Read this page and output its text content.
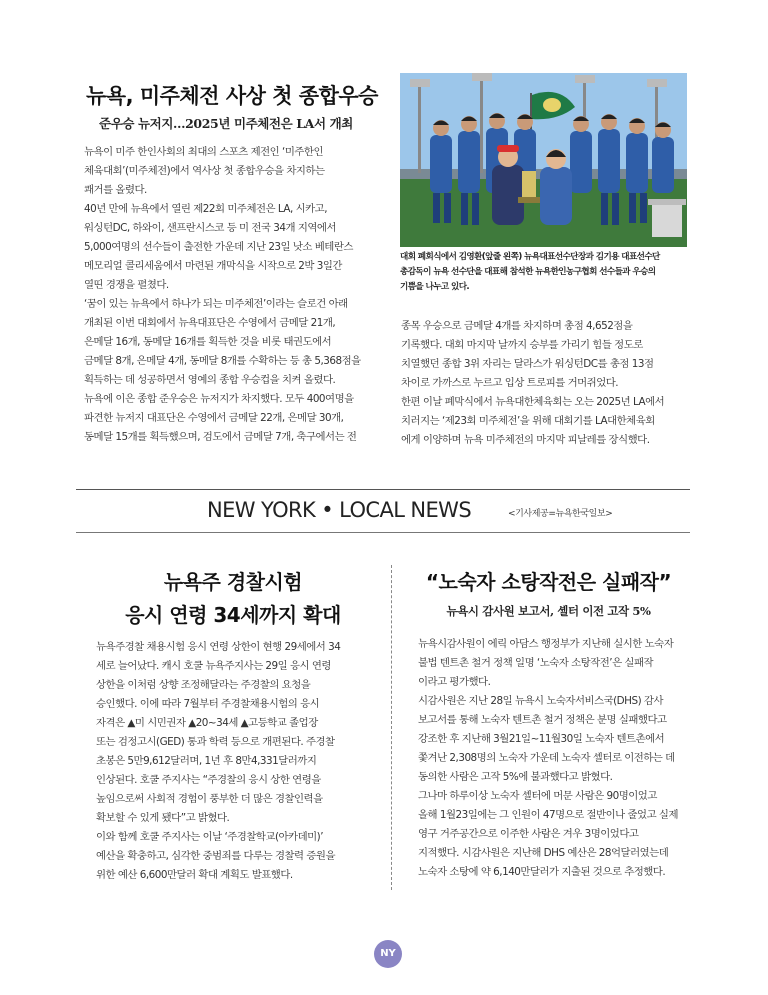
뉴욕, 미주체전 사상 첫 종합우승
준우승 뉴저지…2025년 미주체전은 LA서 개최

뉴욕이 미주 한인사회의 최대의 스포츠 제전인 ‘미주한인

체육대회’(미주체전)에서 역사상 첫 종합우승을 차지하는

쾌거를 올렸다.

40년 만에 뉴욕에서 열린 제22회 미주체전은 LA, 시카고,

워싱턴DC, 하와이, 샌프란시스코 등 미 전국 34개 지역에서

5,000여명의 선수들이 출전한 가운데 지난 23일 낫소 베테란스

메모리얼 콜리세움에서 마련된 개막식을 시작으로 2박 3일간

열띤 경쟁을 펼쳤다.

‘꿈이 있는 뉴욕에서 하나가 되는 미주체전’이라는 슬로건 아래

개최된 이번 대회에서 뉴욕대표단은 수영에서 금메달 21개,

은메달 16개, 동메달 16개를 획득한 것을 비롯 태권도에서

금메달 8개, 은메달 4개, 동메달 8개를 수확하는 등 총 5,368점을

획득하는 데 성공하면서 영예의 종합 우승컵을 치켜 올렸다.

뉴욕에 이은 종합 준우승은 뉴저지가 차지했다. 모두 400여명을

파견한 뉴저지 대표단은 수영에서 금메달 22개, 은메달 30개,

동메달 15개를 획득했으며, 검도에서 금메달 7개, 축구에서는 전

대회 폐회식에서 김영환(앞줄 왼쪽) 뉴욕대표선수단장과 김기용 대표선수단

총감독이 뉴욕 선수단을 대표해 참석한 뉴욕한인농구협회 선수들과 우승의

기쁨을 나누고 있다.

종목 우승으로 금메달 4개를 차지하며 총점 4,652점을

기록했다. 대회 마지막 날까지 승부를 가리기 힘들 정도로

치열했던 종합 3위 자리는 달라스가 워싱턴DC를 총점 13점

차이로 가까스로 누르고 입상 트로피를 거머쥐었다.

한편 이날 폐막식에서 뉴욕대한체육회는 오는 2025년 LA에서

치러지는 ‘제23회 미주체전’을 위해 대회기를 LA대한체육회

에게 이양하며 뉴욕 미주체전의 마지막 피날레를 장식했다.

NEW YORK • LOCAL NEWS	<기사제공=뉴욕한국일보>
뉴욕주 경찰시험
응시 연령 34세까지 확대

뉴욕주경찰 채용시험 응시 연령 상한이 현행 29세에서 34

세로 늘어났다. 캐시 호쿨 뉴욕주지사는 29일 응시 연령

상한을 이처럼 상향 조정해달라는 주경찰의 요청을

승인했다. 이에 따라 7월부터 주경찰채용시험의 응시

자격은 ▲미 시민권자 ▲20~34세 ▲고등학교 졸업장

또는 검정고시(GED) 통과 학력 등으로 개편된다. 주경찰

초봉은 5만9,612달러며, 1년 후 8만4,331달러까지

인상된다. 호쿨 주지사는 “주경찰의 응시 상한 연령을

높임으로써 사회적 경험이 풍부한 더 많은 경찰인력을

확보할 수 있게 됐다”고 밝혔다.

이와 함께 호쿨 주지사는 이날 ‘주경찰학교(아카데미)’

예산을 확충하고, 심각한 중범죄를 다루는 경찰력 증원을

위한 예산 6,600만달러 확대 계획도 발표했다.

“노숙자 소탕작전은 실패작”
뉴욕시 감사원 보고서, 셸터 이전 고작 5%

뉴욕시감사원이 에릭 아담스 행정부가 지난해 실시한 노숙자

불법 텐트촌 철거 정책 일명 ‘노숙자 소탕작전’은 실패작

이라고 평가했다.

시감사원은 지난 28일 뉴욕시 노숙자서비스국(DHS) 감사

보고서를 통해 노숙자 텐트촌 철거 정책은 분명 실패했다고

강조한 후 지난해 3월21일~11월30일 노숙자 텐트촌에서

쫓겨난 2,308명의 노숙자 가운데 노숙자 셸터로 이전하는 데

동의한 사람은 고작 5%에 불과했다고 밝혔다.

그나마 하루이상 노숙자 셸터에 머문 사람은 90명이었고

올해 1월23일에는 그 인원이 47명으로 절반이나 줄었고 실제

영구 거주공간으로 이주한 사람은 겨우 3명이었다고

지적했다. 시감사원은 지난해 DHS 예산은 28억달러였는데

노숙자 소탕에 약 6,140만달러가 지출된 것으로 추정했다.

NY
